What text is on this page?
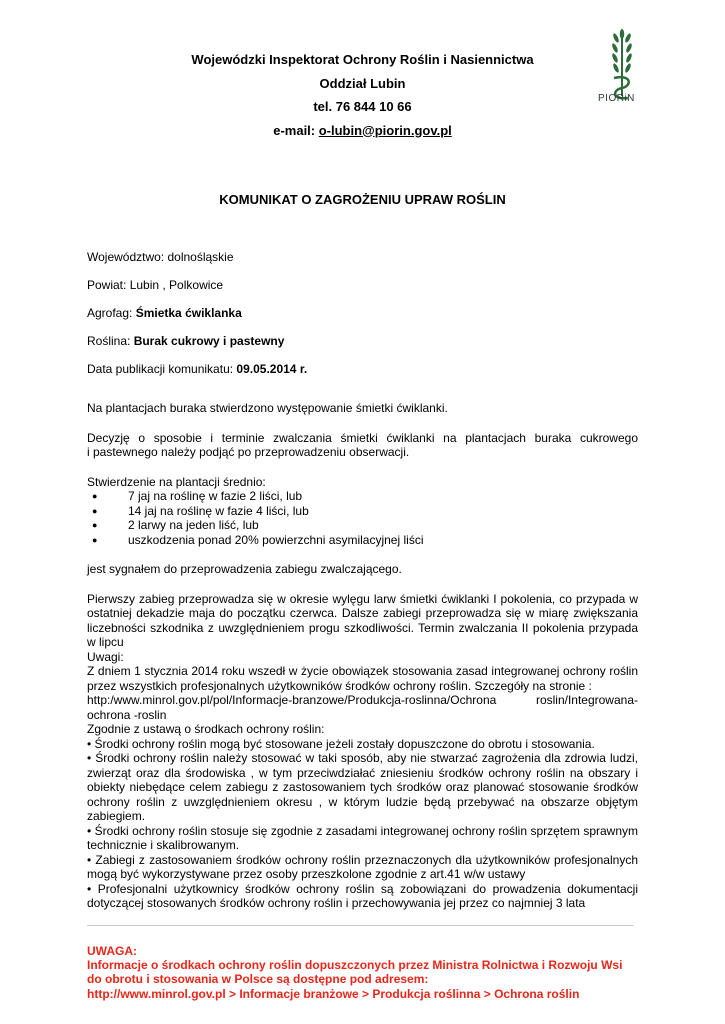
Wojewódzki Inspektorat Ochrony Roślin i Nasiennictwa
Oddział Lubin
tel. 76 844 10 66
e-mail: o-lubin@piorin.gov.pl
PIORiN
KOMUNIKAT O ZAGROŻENIU UPRAW ROŚLIN
Województwo: dolnośląskie
Powiat: Lubin , Polkowice
Agrofag: Śmietka ćwiklanka
Roślina: Burak cukrowy i pastewny
Data publikacji komunikatu: 09.05.2014 r.
Na plantacjach buraka stwierdzono występowanie śmietki ćwiklanki.
Decyzję o sposobie i terminie zwalczania śmietki ćwiklanki na plantacjach buraka cukrowego
i pastewnego należy podjąć po przeprowadzeniu obserwacji.
Stwierdzenie na plantacji średnio:
● 7 jaj na roślinę w fazie 2 liści, lub
● 14 jaj na roślinę w fazie 4 liści, lub
● 2 larwy na jeden liść, lub
● uszkodzenia ponad 20% powierzchni asymilacyjnej liści
jest sygnałem do przeprowadzenia zabiegu zwalczającego.
Pierwszy zabieg przeprowadza się w okresie wylęgu larw śmietki ćwiklanki I pokolenia, co przypada w ostatniej dekadzie maja do początku czerwca. Dalsze zabiegi przeprowadza się w miarę zwiększania liczebności szkodnika z uwzględnieniem progu szkodliwości. Termin zwalczania II pokolenia przypada w lipcu
Uwagi:
Z dniem 1 stycznia 2014 roku wszedł w życie obowiązek stosowania zasad integrowanej ochrony roślin przez wszystkich profesjonalnych użytkowników środków ochrony roślin. Szczegóły na stronie :
http:/www.minrol.gov.pl/pol/Informacje-branzowe/Produkcja-roslinna/Ochrona roslin/Integrowana-
ochrona -roslin
Zgodnie z ustawą o środkach ochrony roślin:
• Środki ochrony roślin mogą być stosowane jeżeli zostały dopuszczone do obrotu i stosowania.
• Środki ochrony roślin należy stosować w taki sposób, aby nie stwarzać zagrożenia dla zdrowia ludzi, zwierząt oraz dla środowiska , w tym przeciwdziałać zniesieniu środków ochrony roślin na obszary i obiekty niebędące celem zabiegu z zastosowaniem tych środków oraz planować stosowanie środków ochrony roślin z uwzględnieniem okresu , w którym ludzie będą przebywać na obszarze objętym zabiegiem.
• Środki ochrony roślin stosuje się zgodnie z zasadami integrowanej ochrony roślin sprzętem sprawnym technicznie i skalibrowanym.
• Zabiegi z zastosowaniem środków ochrony roślin przeznaczonych dla użytkowników profesjonalnych mogą być wykorzystywane przez osoby przeszkolone zgodnie z art.41 w/w ustawy
• Profesjonalni użytkownicy środków ochrony roślin są zobowiązani do prowadzenia dokumentacji dotyczącej stosowanych środków ochrony roślin i przechowywania jej przez co najmniej 3 lata
UWAGA:
Informacje o środkach ochrony roślin dopuszczonych przez Ministra Rolnictwa i Rozwoju Wsi
do obrotu i stosowania w Polsce są dostępne pod adresem:
http://www.minrol.gov.pl > Informacje branżowe > Produkcja roślinna > Ochrona roślin
